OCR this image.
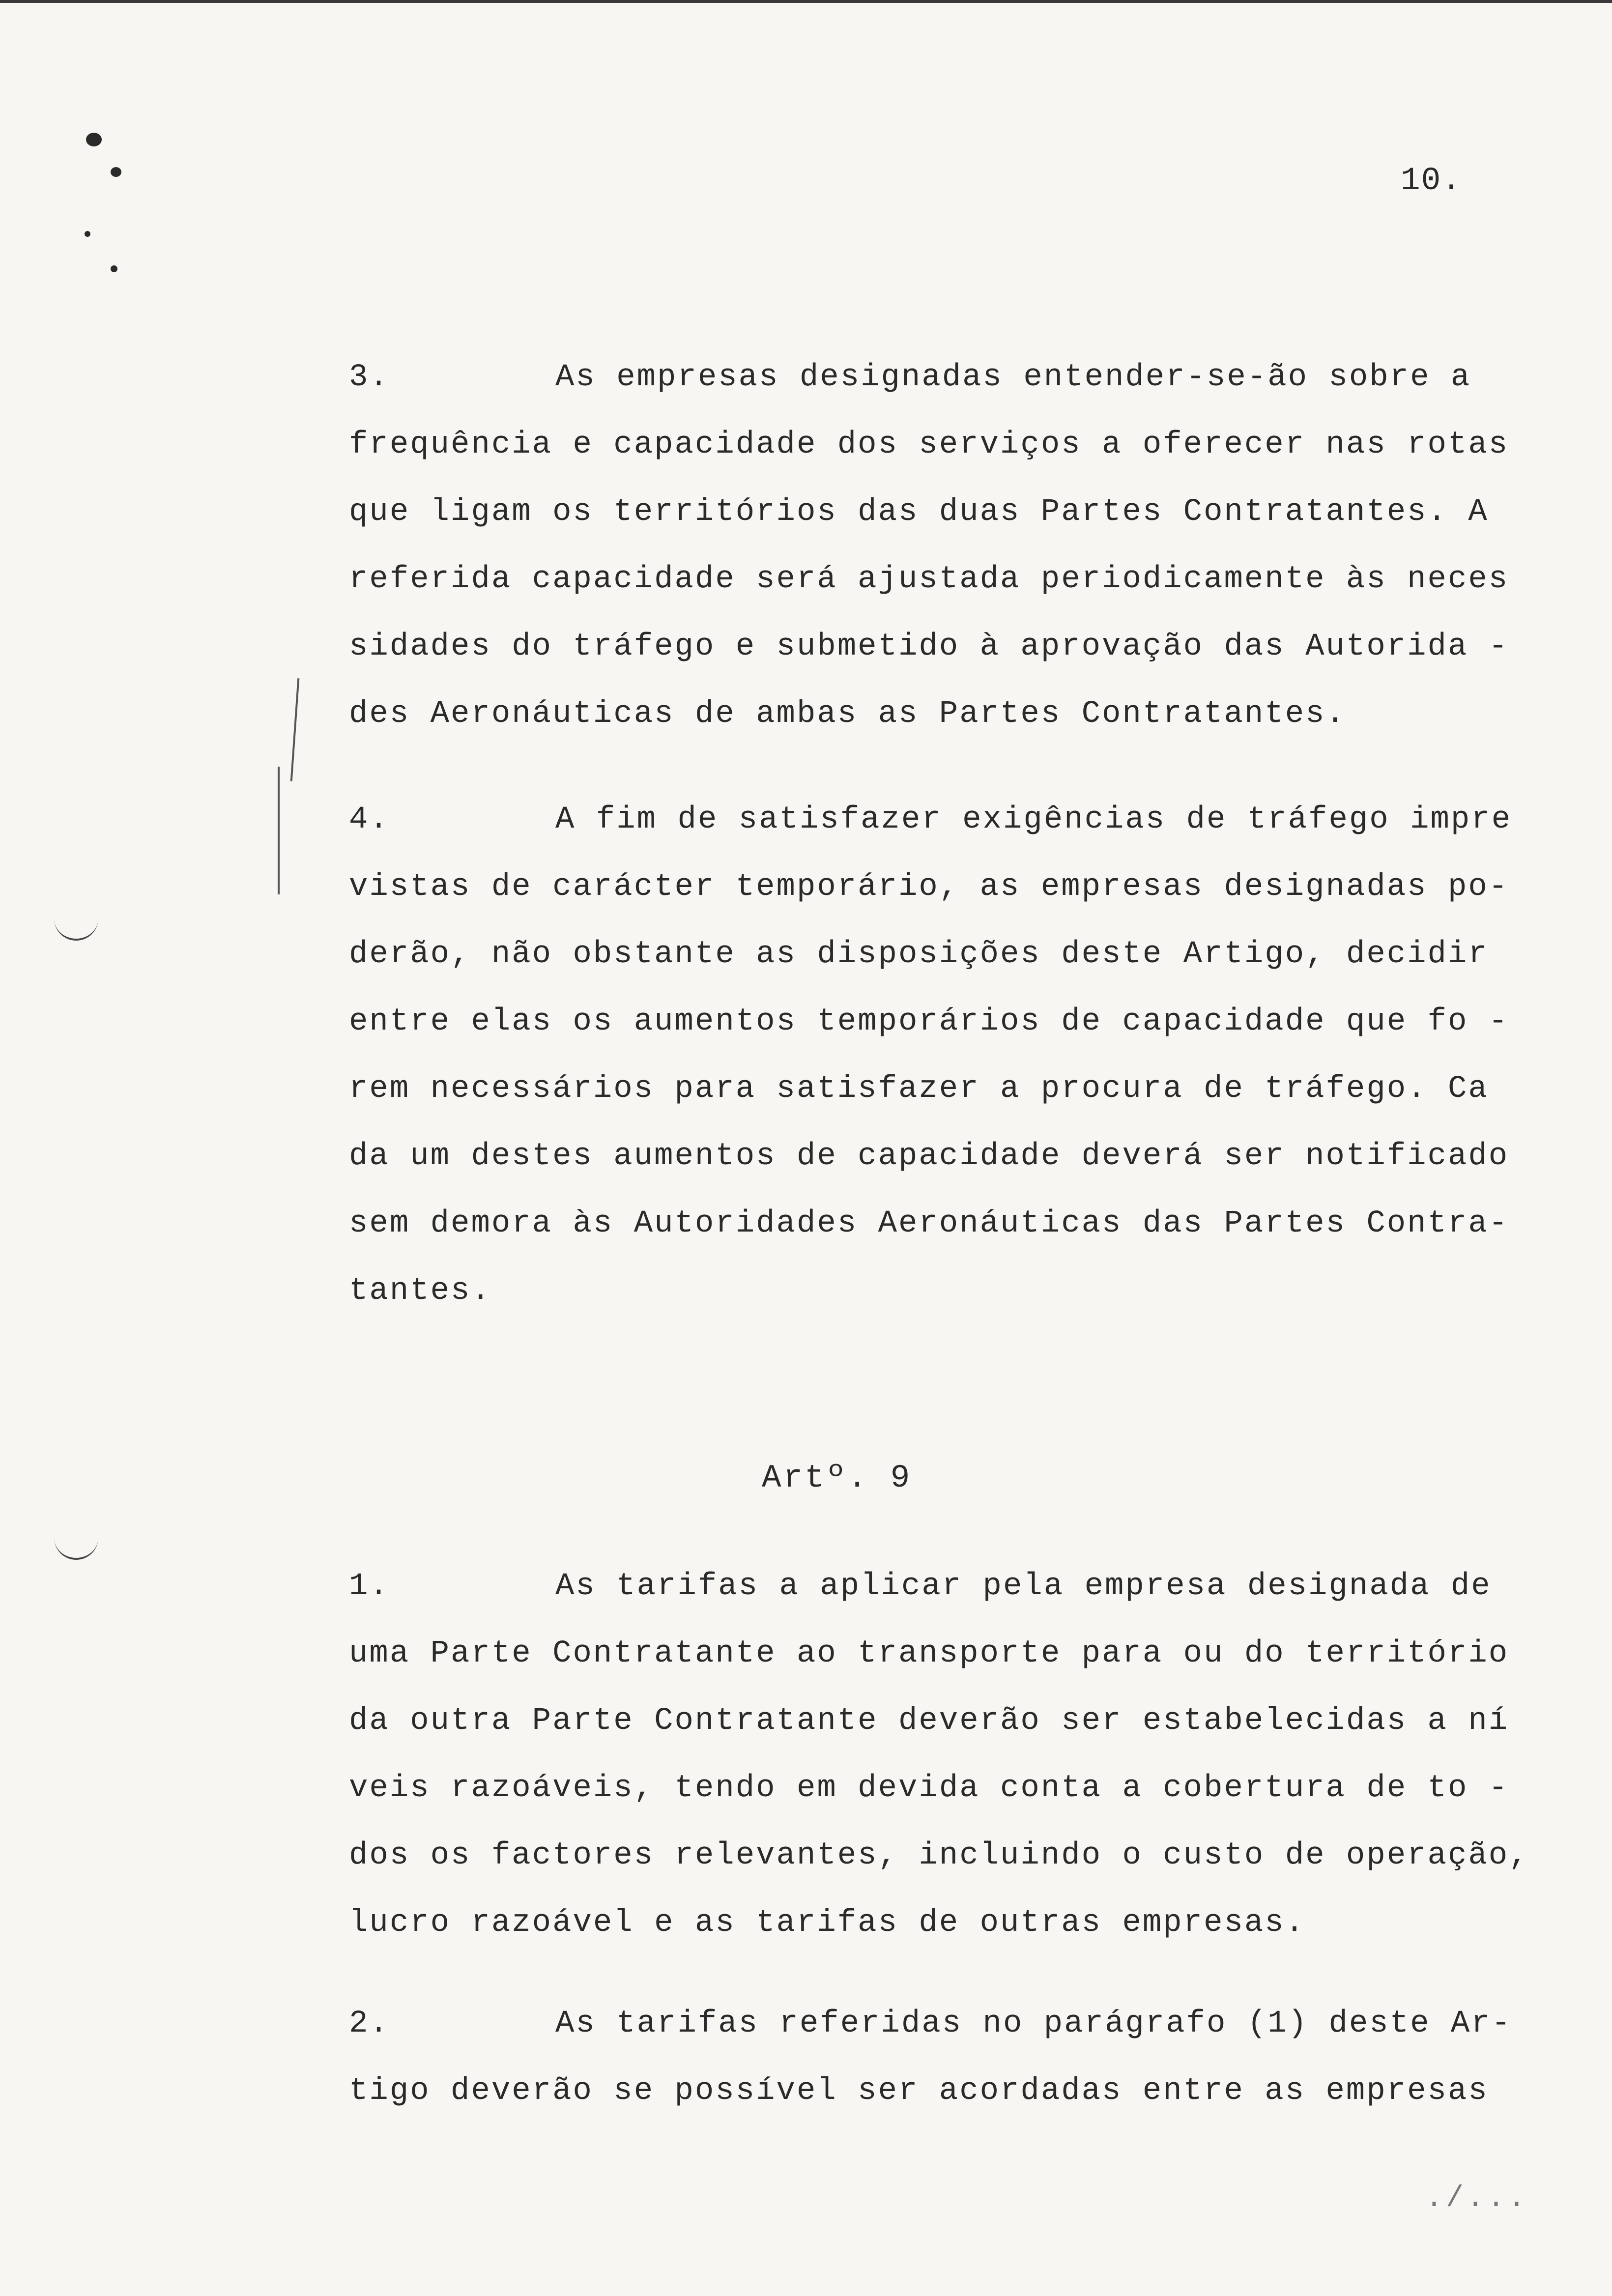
10.
3.	As empresas designadas entender-se-ão sobre a
frequência e capacidade dos serviços a oferecer nas rotas
que ligam os territórios das duas Partes Contratantes. A
referida capacidade será ajustada periodicamente às neces
sidades do tráfego e submetido à aprovação das Autorida -
des Aeronáuticas de ambas as Partes Contratantes.
4.	A fim de satisfazer exigências de tráfego impre
vistas de carácter temporário, as empresas designadas po-
derão, não obstante as disposições deste Artigo, decidir
entre elas os aumentos temporários de capacidade que fo -
rem necessários para satisfazer a procura de tráfego. Ca
da um destes aumentos de capacidade deverá ser notificado
sem demora às Autoridades Aeronáuticas das Partes Contra-
tantes.
Artº. 9
1.	As tarifas a aplicar pela empresa designada de
uma Parte Contratante ao transporte para ou do território
da outra Parte Contratante deverão ser estabelecidas a ní
veis razoáveis, tendo em devida conta a cobertura de to -
dos os factores relevantes, incluindo o custo de operação,
lucro razoável e as tarifas de outras empresas.
2.	As tarifas referidas no parágrafo (1) deste Ar-
tigo deverão se possível ser acordadas entre as empresas
./...
